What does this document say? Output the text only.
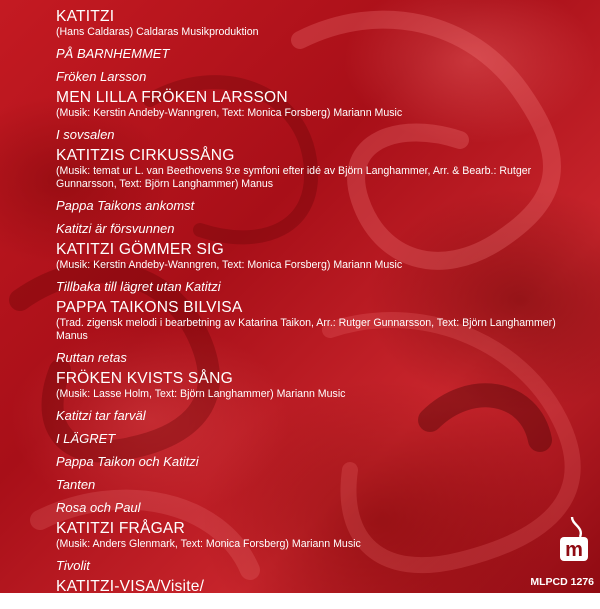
KATITZI
(Hans Caldaras) Caldaras Musikproduktion
PÅ BARNHEMMET
Fröken Larsson
MEN LILLA FRÖKEN LARSSON
(Musik: Kerstin Andeby-Wanngren, Text: Monica Forsberg) Mariann Music
I sovsalen
KATITZIS CIRKUSSÅNG
(Musik: temat ur L. van Beethovens 9:e symfoni efter idé av Björn Langhammer, Arr. & Bearb.: Rutger Gunnarsson, Text: Björn Langhammer) Manus
Pappa Taikons ankomst
Katitzi är försvunnen
KATITZI GÖMMER SIG
(Musik: Kerstin Andeby-Wanngren, Text: Monica Forsberg) Mariann Music
Tillbaka till lägret utan Katitzi
PAPPA TAIKONS BILVISA
(Trad. zigensk melodi i bearbetning av Katarina Taikon, Arr.: Rutger Gunnarsson, Text: Björn Langhammer) Manus
Ruttan retas
FRÖKEN KVISTS SÅNG
(Musik: Lasse Holm, Text: Björn Langhammer) Mariann Music
Katitzi tar farväl
I LÄGRET
Pappa Taikon och Katitzi
Tanten
Rosa och Paul
KATITZI FRÅGAR
(Musik: Anders Glenmark, Text: Monica Forsberg) Mariann Music
Tivolit
KATITZI-VISA/Visite/
(Musik: L. Kuhr/H. P. de Boer, Text: Björn Langhammer) Mariannn Music
m
MLPCD 1276
